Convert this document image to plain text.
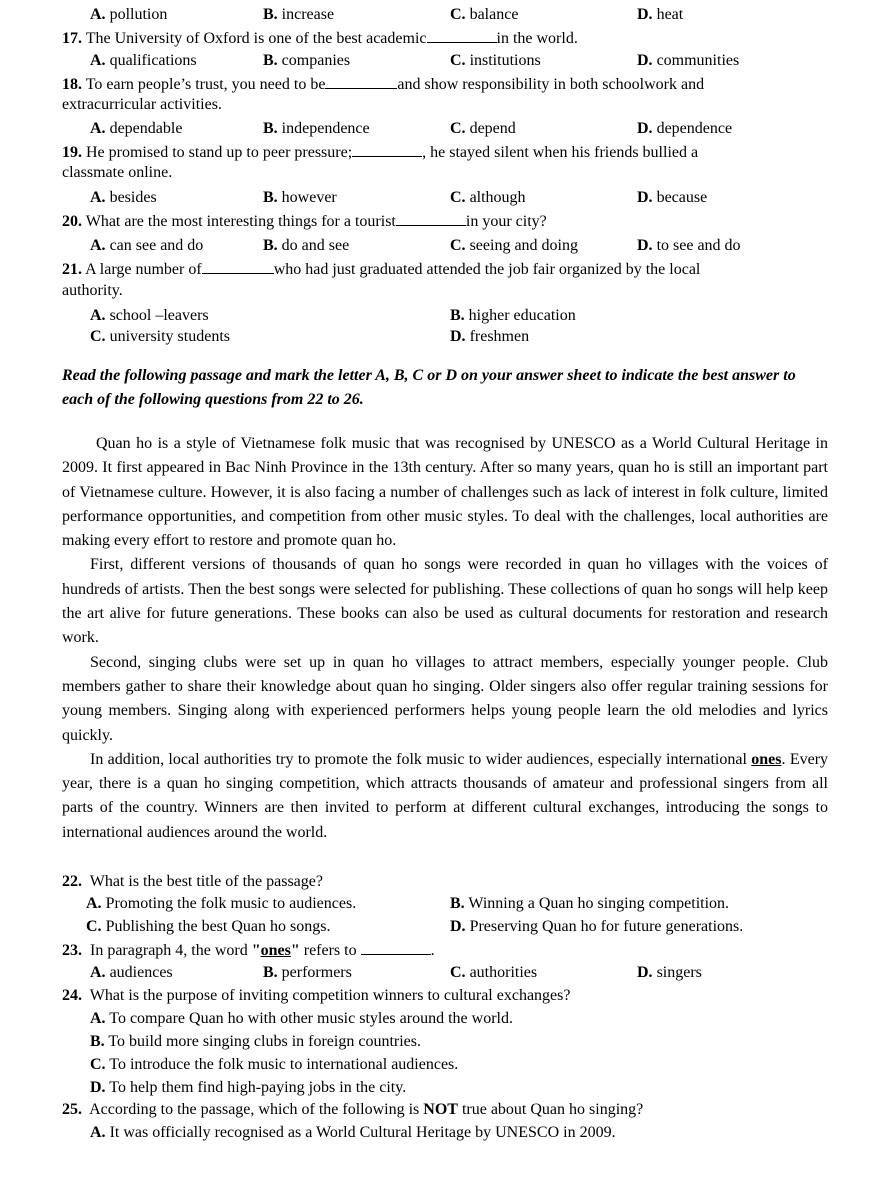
A. pollution	B. increase	C. balance	D. heat
17. The University of Oxford is one of the best academic	in the world.
A. qualifications	B. companies	C. institutions	D. communities
18. To earn people’s trust, you need to be	and show responsibility in both schoolwork and
extracurricular activities.
A. dependable	B. independence	C. depend	D. dependence
19. He promised to stand up to peer pressure;	, he stayed silent when his friends bullied a
classmate online.
A. besides	B. however	C. although	D. because
20. What are the most interesting things for a tourist	in your city?
A. can see and do	B. do and see	C. seeing and doing	D. to see and do
21. A large number of	who had just graduated attended the job fair organized by the local
authority.
A. school –leavers	B. higher education
C. university students	D. freshmen
Read the following passage and mark the letter A, B, C or D on your answer sheet to indicate the best answer to each of the following questions from 22 to 26.

Quan ho is a style of Vietnamese folk music that was recognised by UNESCO as a World Cultural Heritage in 2009. It first appeared in Bac Ninh Province in the 13th century. After so many years, quan ho is still an important part of Vietnamese culture. However, it is also facing a number of challenges such as lack of interest in folk culture, limited performance opportunities, and competition from other music styles. To deal with the challenges, local authorities are making every effort to restore and promote quan ho.

First, different versions of thousands of quan ho songs were recorded in quan ho villages with the voices of hundreds of artists. Then the best songs were selected for publishing. These collections of quan ho songs will help keep the art alive for future generations. These books can also be used as cultural documents for restoration and research work.

Second, singing clubs were set up in quan ho villages to attract members, especially younger people. Club members gather to share their knowledge about quan ho singing. Older singers also offer regular training sessions for young members. Singing along with experienced performers helps young people learn the old melodies and lyrics quickly.

In addition, local authorities try to promote the folk music to wider audiences, especially international ones. Every year, there is a quan ho singing competition, which attracts thousands of amateur and professional singers from all parts of the country. Winners are then invited to perform at different cultural exchanges, introducing the songs to international audiences around the world.

22. What is the best title of the passage?
A. Promoting the folk music to audiences.	B. Winning a Quan ho singing competition.
C. Publishing the best Quan ho songs.	D. Preserving Quan ho for future generations.
23. In paragraph 4, the word "ones" refers to	.
A. audiences	B. performers	C. authorities	D. singers
24. What is the purpose of inviting competition winners to cultural exchanges?
A. To compare Quan ho with other music styles around the world.
B. To build more singing clubs in foreign countries.
C. To introduce the folk music to international audiences.
D. To help them find high-paying jobs in the city.
25. According to the passage, which of the following is NOT true about Quan ho singing?
A. It was officially recognised as a World Cultural Heritage by UNESCO in 2009.
